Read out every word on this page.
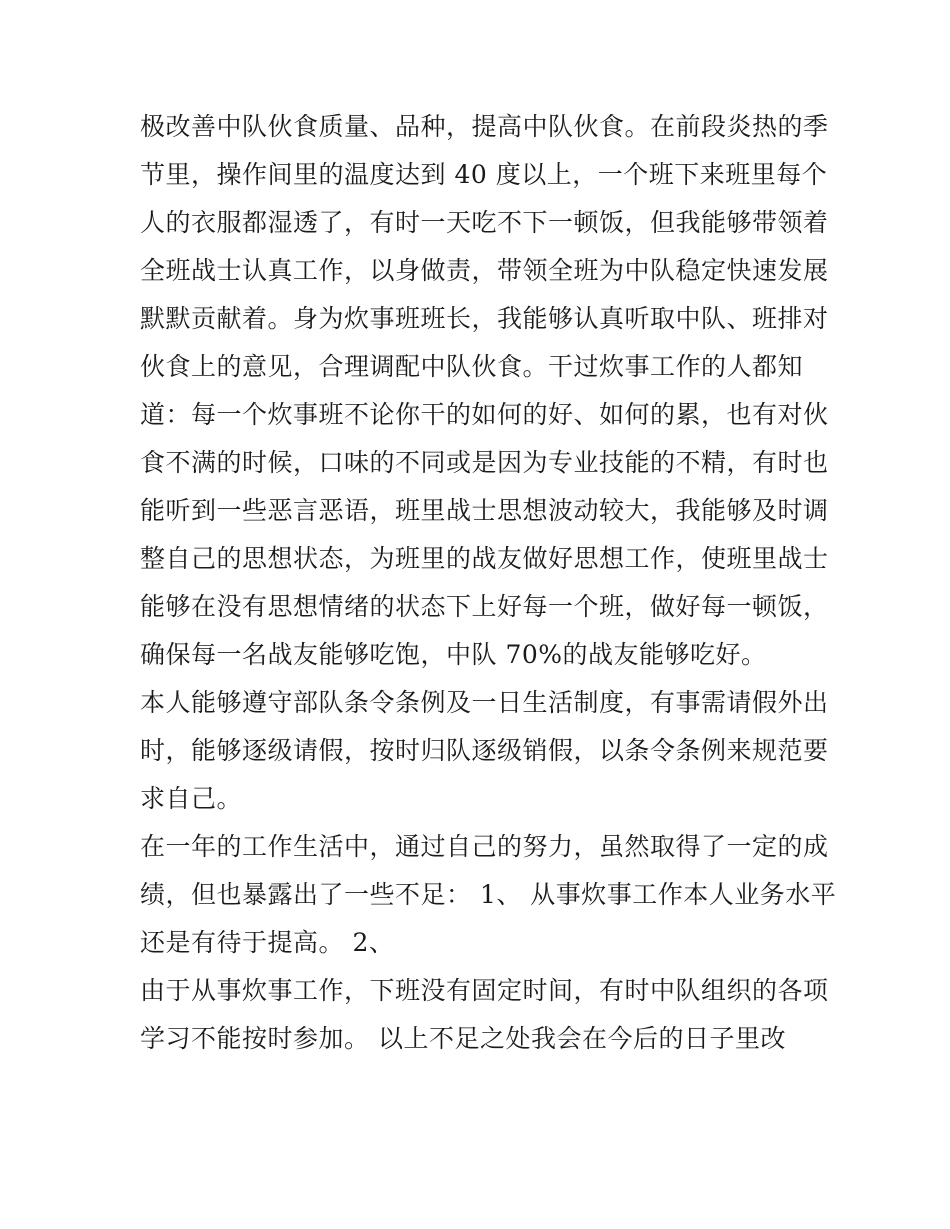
极改善中队伙食质量、品种，提高中队伙食。在前段炎热的季

节里，操作间里的温度达到 40 度以上，一个班下来班里每个

人的衣服都湿透了，有时一天吃不下一顿饭，但我能够带领着

全班战士认真工作，以身做责，带领全班为中队稳定快速发展

默默贡献着。身为炊事班班长，我能够认真听取中队、班排对

伙食上的意见，合理调配中队伙食。干过炊事工作的人都知

道：每一个炊事班不论你干的如何的好、如何的累，也有对伙

食不满的时候，口味的不同或是因为专业技能的不精，有时也

能听到一些恶言恶语，班里战士思想波动较大，我能够及时调

整自己的思想状态，为班里的战友做好思想工作，使班里战士

能够在没有思想情绪的状态下上好每一个班，做好每一顿饭，

确保每一名战友能够吃饱，中队 70%的战友能够吃好。

本人能够遵守部队条令条例及一日生活制度，有事需请假外出

时，能够逐级请假，按时归队逐级销假，以条令条例来规范要

求自己。

在一年的工作生活中，通过自己的努力，虽然取得了一定的成

绩，但也暴露出了一些不足： 1、 从事炊事工作本人业务水平

还是有待于提高。 2、

由于从事炊事工作，下班没有固定时间，有时中队组织的各项

学习不能按时参加。 以上不足之处我会在今后的日子里改
